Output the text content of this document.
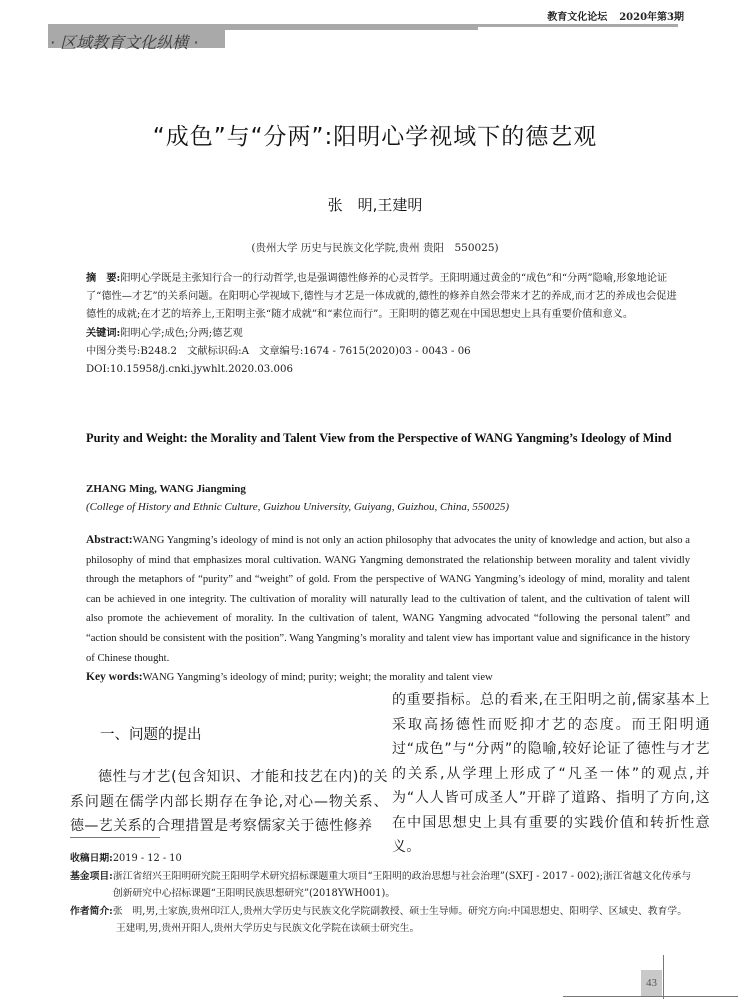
教育文化论坛 2020年第3期
· 区域教育文化纵横 ·
“成色”与“分两”:阳明心学视域下的德艺观
张　明,王建明
(贵州大学 历史与民族文化学院,贵州 贵阳　550025)

摘　要:阳明心学既是主张知行合一的行动哲学,也是强调德性修养的心灵哲学。王阳明通过黄金的“成色”和“分两”隐喻,形象地论证了“德性—才艺”的关系问题。在阳明心学视域下,德性与才艺是一体成就的,德性的修养自然会带来才艺的养成,而才艺的养成也会促进德性的成就;在才艺的培养上,王阳明主张“随才成就”和“素位而行”。王阳明的德艺观在中国思想史上具有重要价值和意义。

关键词:阳明心学;成色;分两;德艺观

中图分类号:B248.2  文献标识码:A  文章编号:1674 - 7615(2020)03 - 0043 - 06

DOI:10.15958/j.cnki.jywhlt.2020.03.006

Purity and Weight: the Morality and Talent View from the Perspective of WANG Yangming’s Ideology of Mind
ZHANG Ming, WANG Jiangming
(College of History and Ethnic Culture, Guizhou University, Guiyang, Guizhou, China, 550025)

Abstract:WANG Yangming’s ideology of mind is not only an action philosophy that advocates the unity of knowledge and action, but also a philosophy of mind that emphasizes moral cultivation. WANG Yangming demonstrated the relationship between morality and talent vividly through the metaphors of “purity” and “weight” of gold. From the perspective of WANG Yangming’s ideology of mind, morality and talent can be achieved in one integrity. The cultivation of morality will naturally lead to the cultivation of talent, and the cultivation of talent will also promote the achievement of morality. In the cultivation of talent, WANG Yangming advocated “following the personal talent” and “action should be consistent with the position”. Wang Yangming’s morality and talent view has important value and significance in the history of Chinese thought.

Key words:WANG Yangming’s ideology of mind; purity; weight; the morality and talent view

一、问题的提出

德性与才艺(包含知识、才能和技艺在内)的关系问题在儒学内部长期存在争论,对心—物关系、德—艺关系的合理措置是考察儒家关于德性修养

的重要指标。总的看来,在王阳明之前,儒家基本上采取高扬德性而贬抑才艺的态度。而王阳明通过“成色”与“分两”的隐喻,较好论证了德性与才艺的关系,从学理上形成了“凡圣一体”的观点,并为“人人皆可成圣人”开辟了道路、指明了方向,这在中国思想史上具有重要的实践价值和转折性意义。

收稿日期: 2019 - 12 - 10
基金项目: 浙江省绍兴王阳明研究院王阳明学术研究招标课题重大项目“王阳明的政治思想与社会治理”(SXFJ - 2017 - 002);浙江省越文化传承与创新研究中心招标课题“王阳明民族思想研究”(2018YWH001)。
作者简介: 张　明,男,土家族,贵州印江人,贵州大学历史与民族文化学院副教授、硕士生导师。研究方向:中国思想史、阳明学、区域史、教育学。
王建明,男,贵州开阳人,贵州大学历史与民族文化学院在读硕士研究生。
43
